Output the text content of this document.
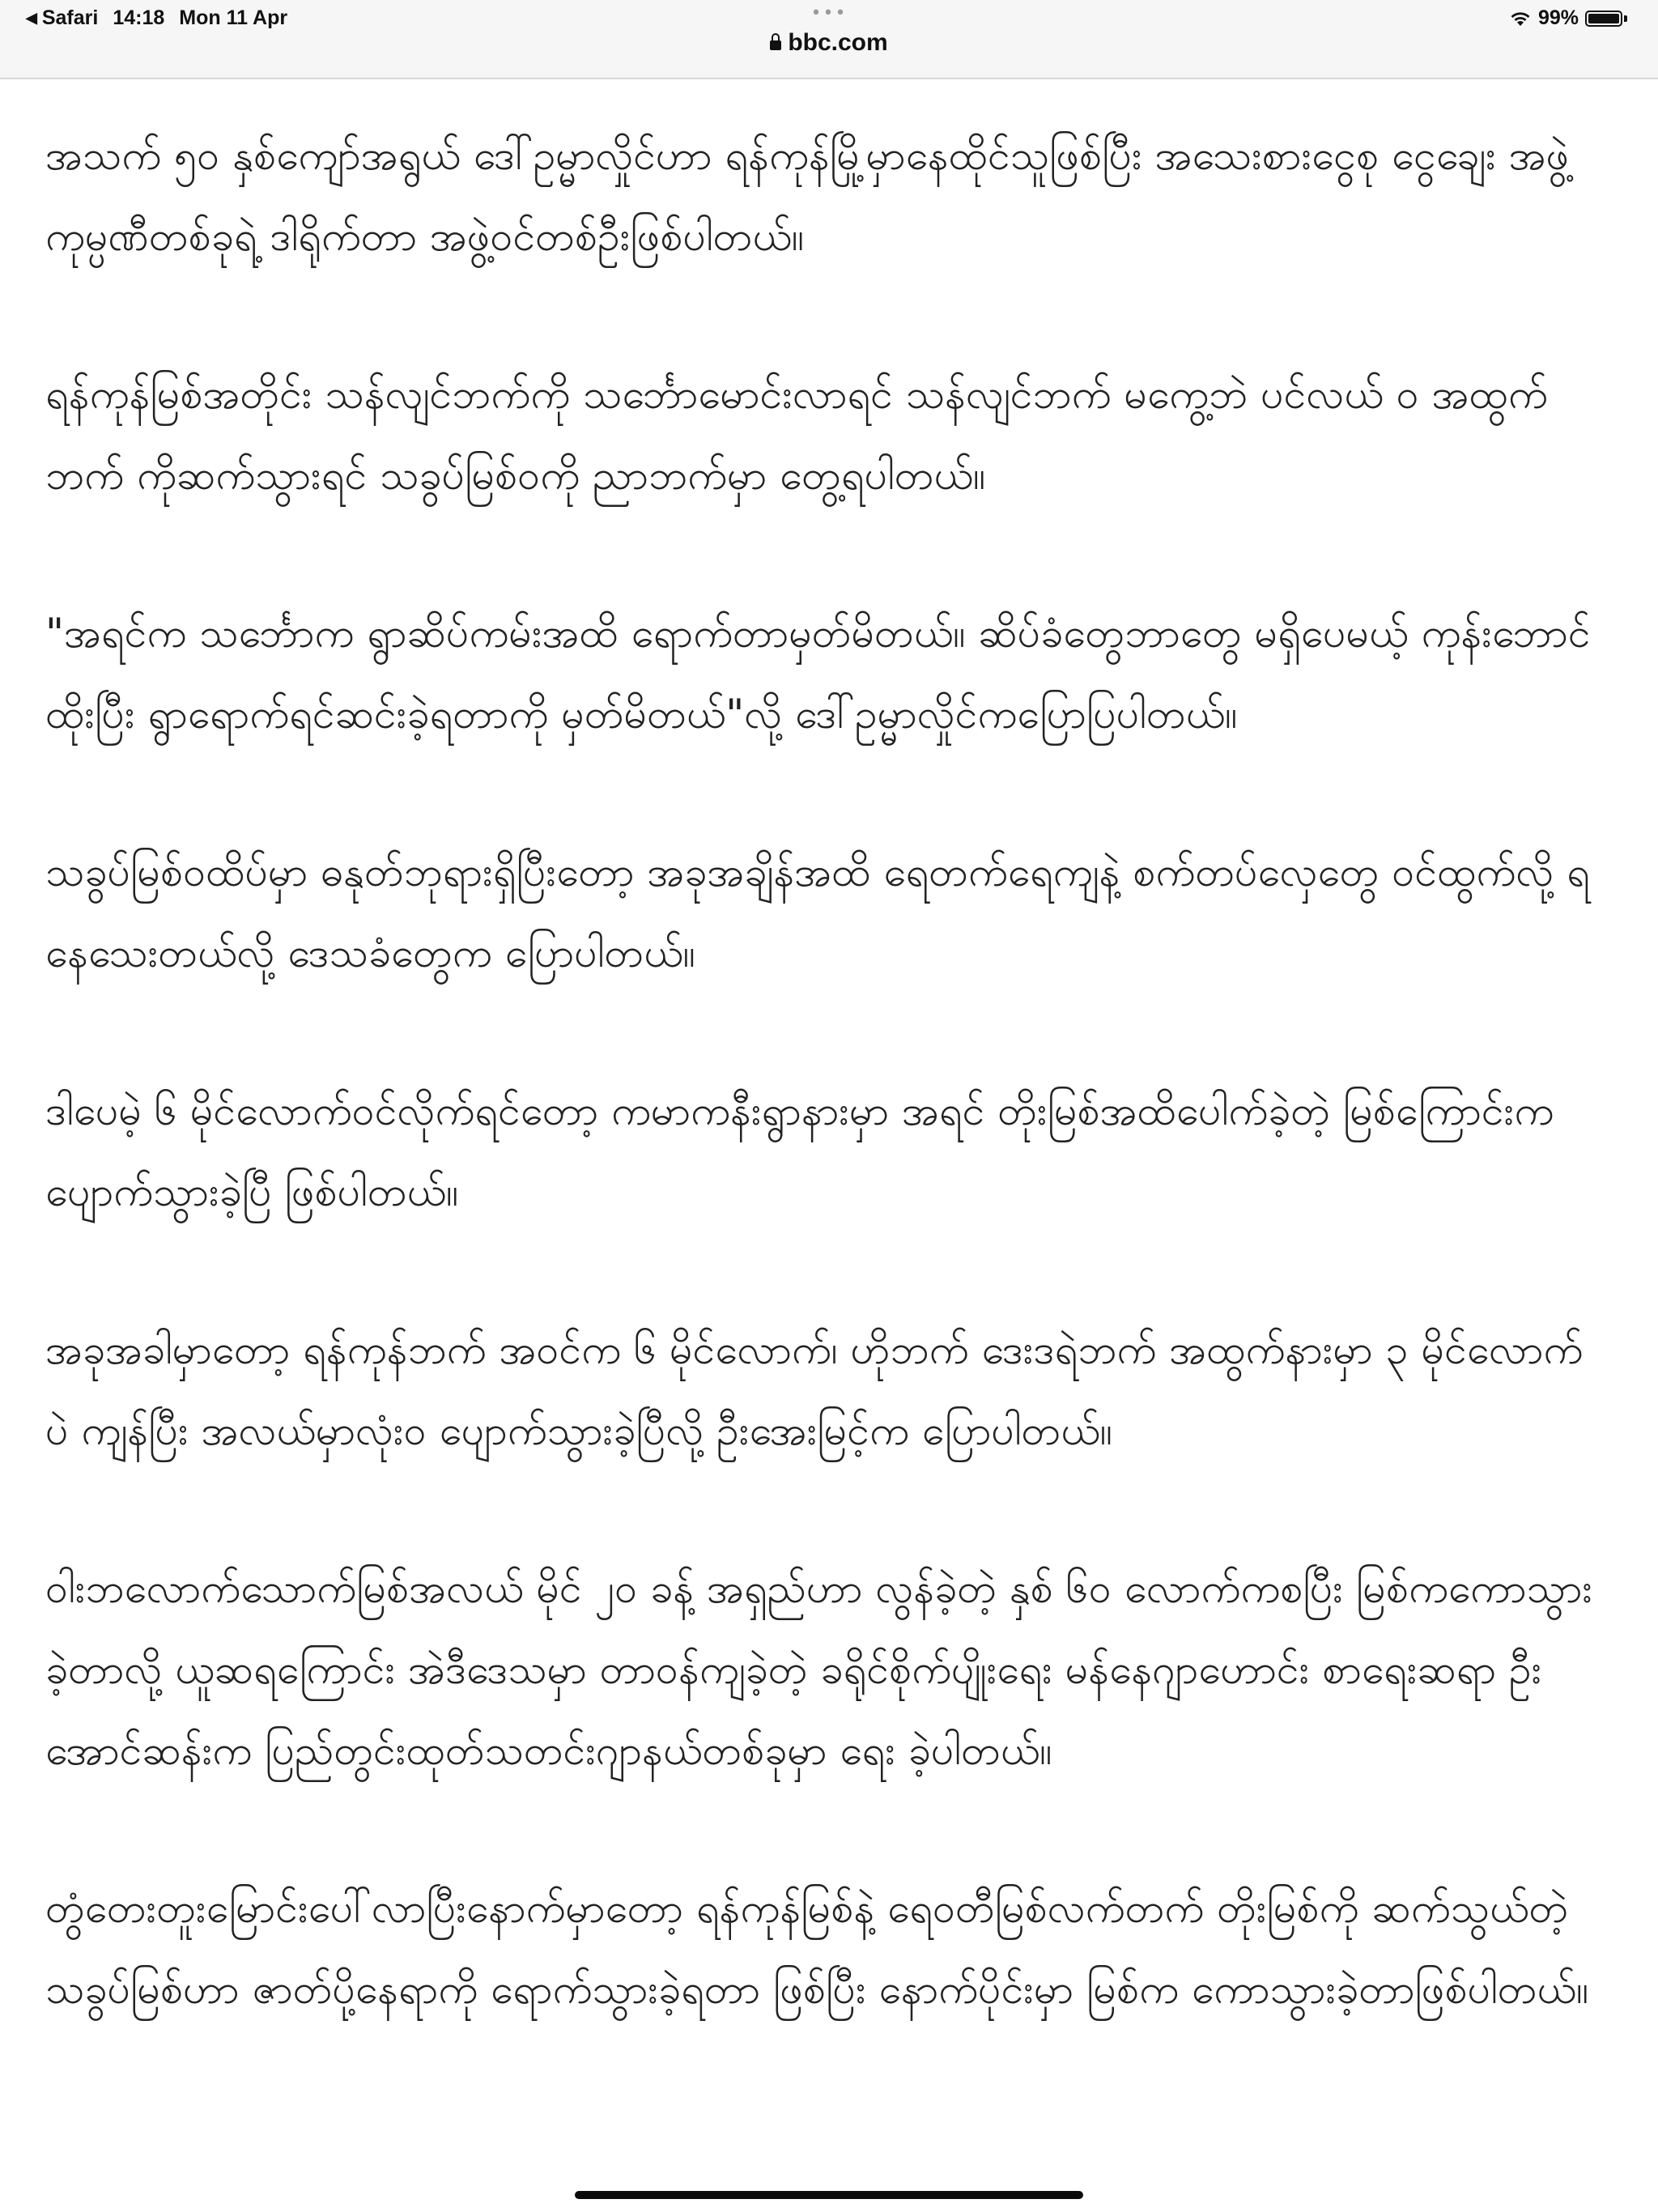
◀ Safari 14:18 Mon 11 Apr	•••
bbc.com
99%

အသက် ၅၀ နှစ်ကျော်အရွယ် ဒေါ်ဥမ္မာလှိုင်ဟာ ရန်ကုန်မြို့မှာနေထိုင်သူဖြစ်ပြီး အသေးစားငွေစု ငွေချေး အဖွဲ့ကုမ္ပဏီတစ်ခုရဲ့ ဒါရိုက်တာ အဖွဲ့ဝင်တစ်ဦးဖြစ်ပါတယ်။

ရန်ကုန်မြစ်အတိုင်း သန်လျင်ဘက်ကို သင်္ဘောမောင်းလာရင် သန်လျင်ဘက် မကွေ့ဘဲ ပင်လယ် ဝ အထွက်ဘက် ကိုဆက်သွားရင် သခွပ်မြစ်ဝကို ညာဘက်မှာ တွေ့ရပါတယ်။

"အရင်က သင်္ဘောက ရွာဆိပ်ကမ်းအထိ ရောက်တာမှတ်မိတယ်။ ဆိပ်ခံတွေဘာတွေ မရှိပေမယ့် ကုန်းဘောင်ထိုးပြီး ရွာရောက်ရင်ဆင်းခဲ့ရတာကို မှတ်မိတယ်"လို့ ဒေါ်ဥမ္မာလှိုင်ကပြောပြပါတယ်။

သခွပ်မြစ်ဝထိပ်မှာ ဓနုတ်ဘုရားရှိပြီးတော့ အခုအချိန်အထိ ရေတက်ရေကျနဲ့ စက်တပ်လှေတွေ ဝင်ထွက်လို့ ရနေသေးတယ်လို့ ဒေသခံတွေက ပြောပါတယ်။

ဒါပေမဲ့ ၆ မိုင်လောက်ဝင်လိုက်ရင်တော့ ကမာကနီးရွာနားမှာ အရင် တိုးမြစ်အထိပေါက်ခဲ့တဲ့ မြစ်ကြောင်းက ပျောက်သွားခဲ့ပြီ ဖြစ်ပါတယ်။

အခုအခါမှာတော့ ရန်ကုန်ဘက် အဝင်က ၆ မိုင်လောက်၊ ဟိုဘက် ဒေးဒရဲဘက် အထွက်နားမှာ ၃ မိုင်လောက်ပဲ ကျန်ပြီး အလယ်မှာလုံးဝ ပျောက်သွားခဲ့ပြီလို့ ဦးအေးမြင့်က ပြောပါတယ်။

ဝါးဘလောက်သောက်မြစ်အလယ် မိုင် ၂၀ ခန့် အရှည်ဟာ လွန်ခဲ့တဲ့ နှစ် ၆၀ လောက်ကစပြီး မြစ်ကကောသွားခဲ့တာလို့ ယူဆရကြောင်း အဲဒီဒေသမှာ တာဝန်ကျခဲ့တဲ့ ခရိုင်စိုက်ပျိုးရေး မန်နေဂျာဟောင်း စာရေးဆရာ ဦးအောင်ဆန်းက ပြည်တွင်းထုတ်သတင်းဂျာနယ်တစ်ခုမှာ ရေး ခဲ့ပါတယ်။

တွံတေးတူးမြောင်းပေါ်လာပြီးနောက်မှာတော့ ရန်ကုန်မြစ်နဲ့ ရေဝတီမြစ်လက်တက် တိုးမြစ်ကို ဆက်သွယ်တဲ့ သခွပ်မြစ်ဟာ ဇာတ်ပို့နေရာကို ရောက်သွားခဲ့ရတာ ဖြစ်ပြီး နောက်ပိုင်းမှာ မြစ်က ကောသွားခဲ့တာဖြစ်ပါတယ်။
